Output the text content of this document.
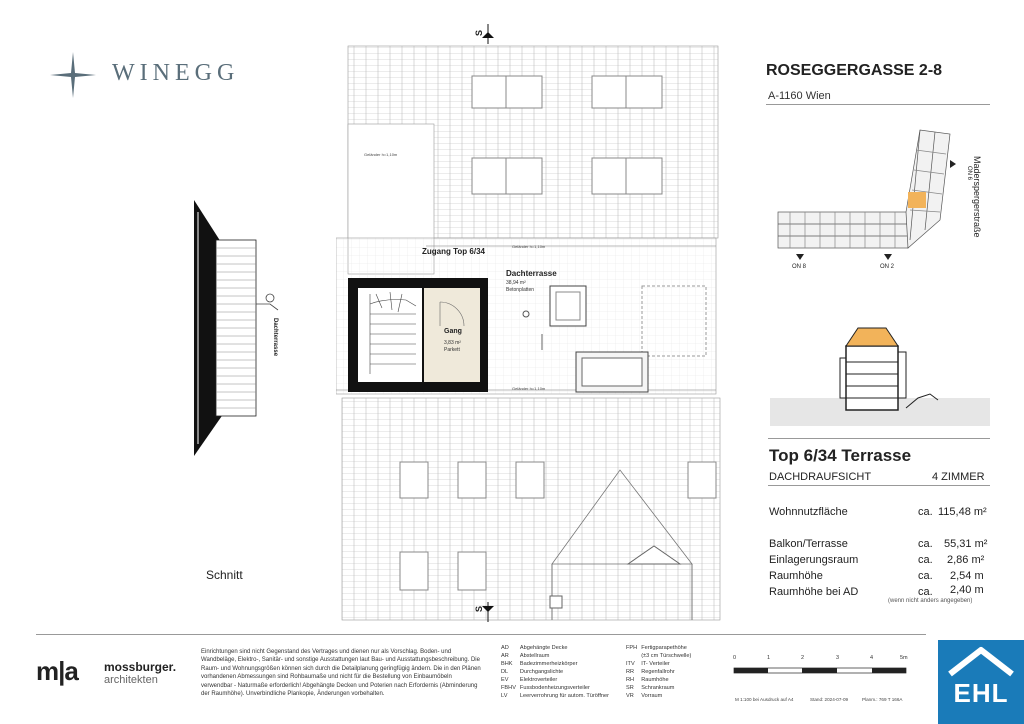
WINEGG	ROSEGGERGASSE 2-8
A-1160 Wien
ON 8	ON 2
ON 6 Maderspergerstraße
Top 6/34 Terrasse
DACHDRAUFSICHT	4 ZIMMER
Wohnnutzfläche	ca. 115,48 m²
Balkon/Terrasse	ca. 55,31 m²
Einlagerungsraum	ca. 2,86 m²
Raumhöhe	ca. 2,54 m
Raumhöhe bei AD	ca. 2,40 m
(wenn nicht anders angegeben)
Dachterrasse
Schnitt
S
S
Zugang Top 6/34
Dachterrasse
38,94 m²
Betonplatten
Gang
3,83 m²
Parkett
Geländer h=1,10m
Geländer h=1,10m
Geländer h=1,10m
m|a mossburger.
architekten
Einrichtungen sind nicht Gegenstand des Vertrages und dienen nur als Vorschlag. Boden- und Wandbeläge, Elektro-, Sanitär- und sonstige Ausstattungen laut Bau- und Ausstattungsbeschreibung. Die Raum- und Wohnungsgrößen können sich durch die Detailplanung geringfügig ändern. Die in den Plänen vorhandenen Abmessungen sind Rohbaumaße und nicht für die Bestellung von Einbaumöbeln verwendbar - Naturmaße erforderlich! Abgehängte Decken und Poterien nach Erfordernis (Abminderung der Raumhöhe). Unverbindliche Plankopie, Änderungen vorbehalten.
AD	Abgehängte Decke
AR	Abstellraum
BHK	Badezimmerheizkörper
DL	Durchgangslichte
EV	Elektroverteiler
FBHV	Fussbodenheizungsverteiler
LV	Leerverrohrung für autom. Türöffner
FPH	Fertigparapethöhe
	(±3 cm Türschwelle)
ITV	IT- Verteiler
RR	Regenfallrohr
RH	Raumhöhe
SR	Schrankraum
VR	Vorraum
0	1	2	3	4	5m
M 1:100 bei Ausdruck auf A4	Stand: 2024-07-09	Planm.: 769 T 166A	EHL
